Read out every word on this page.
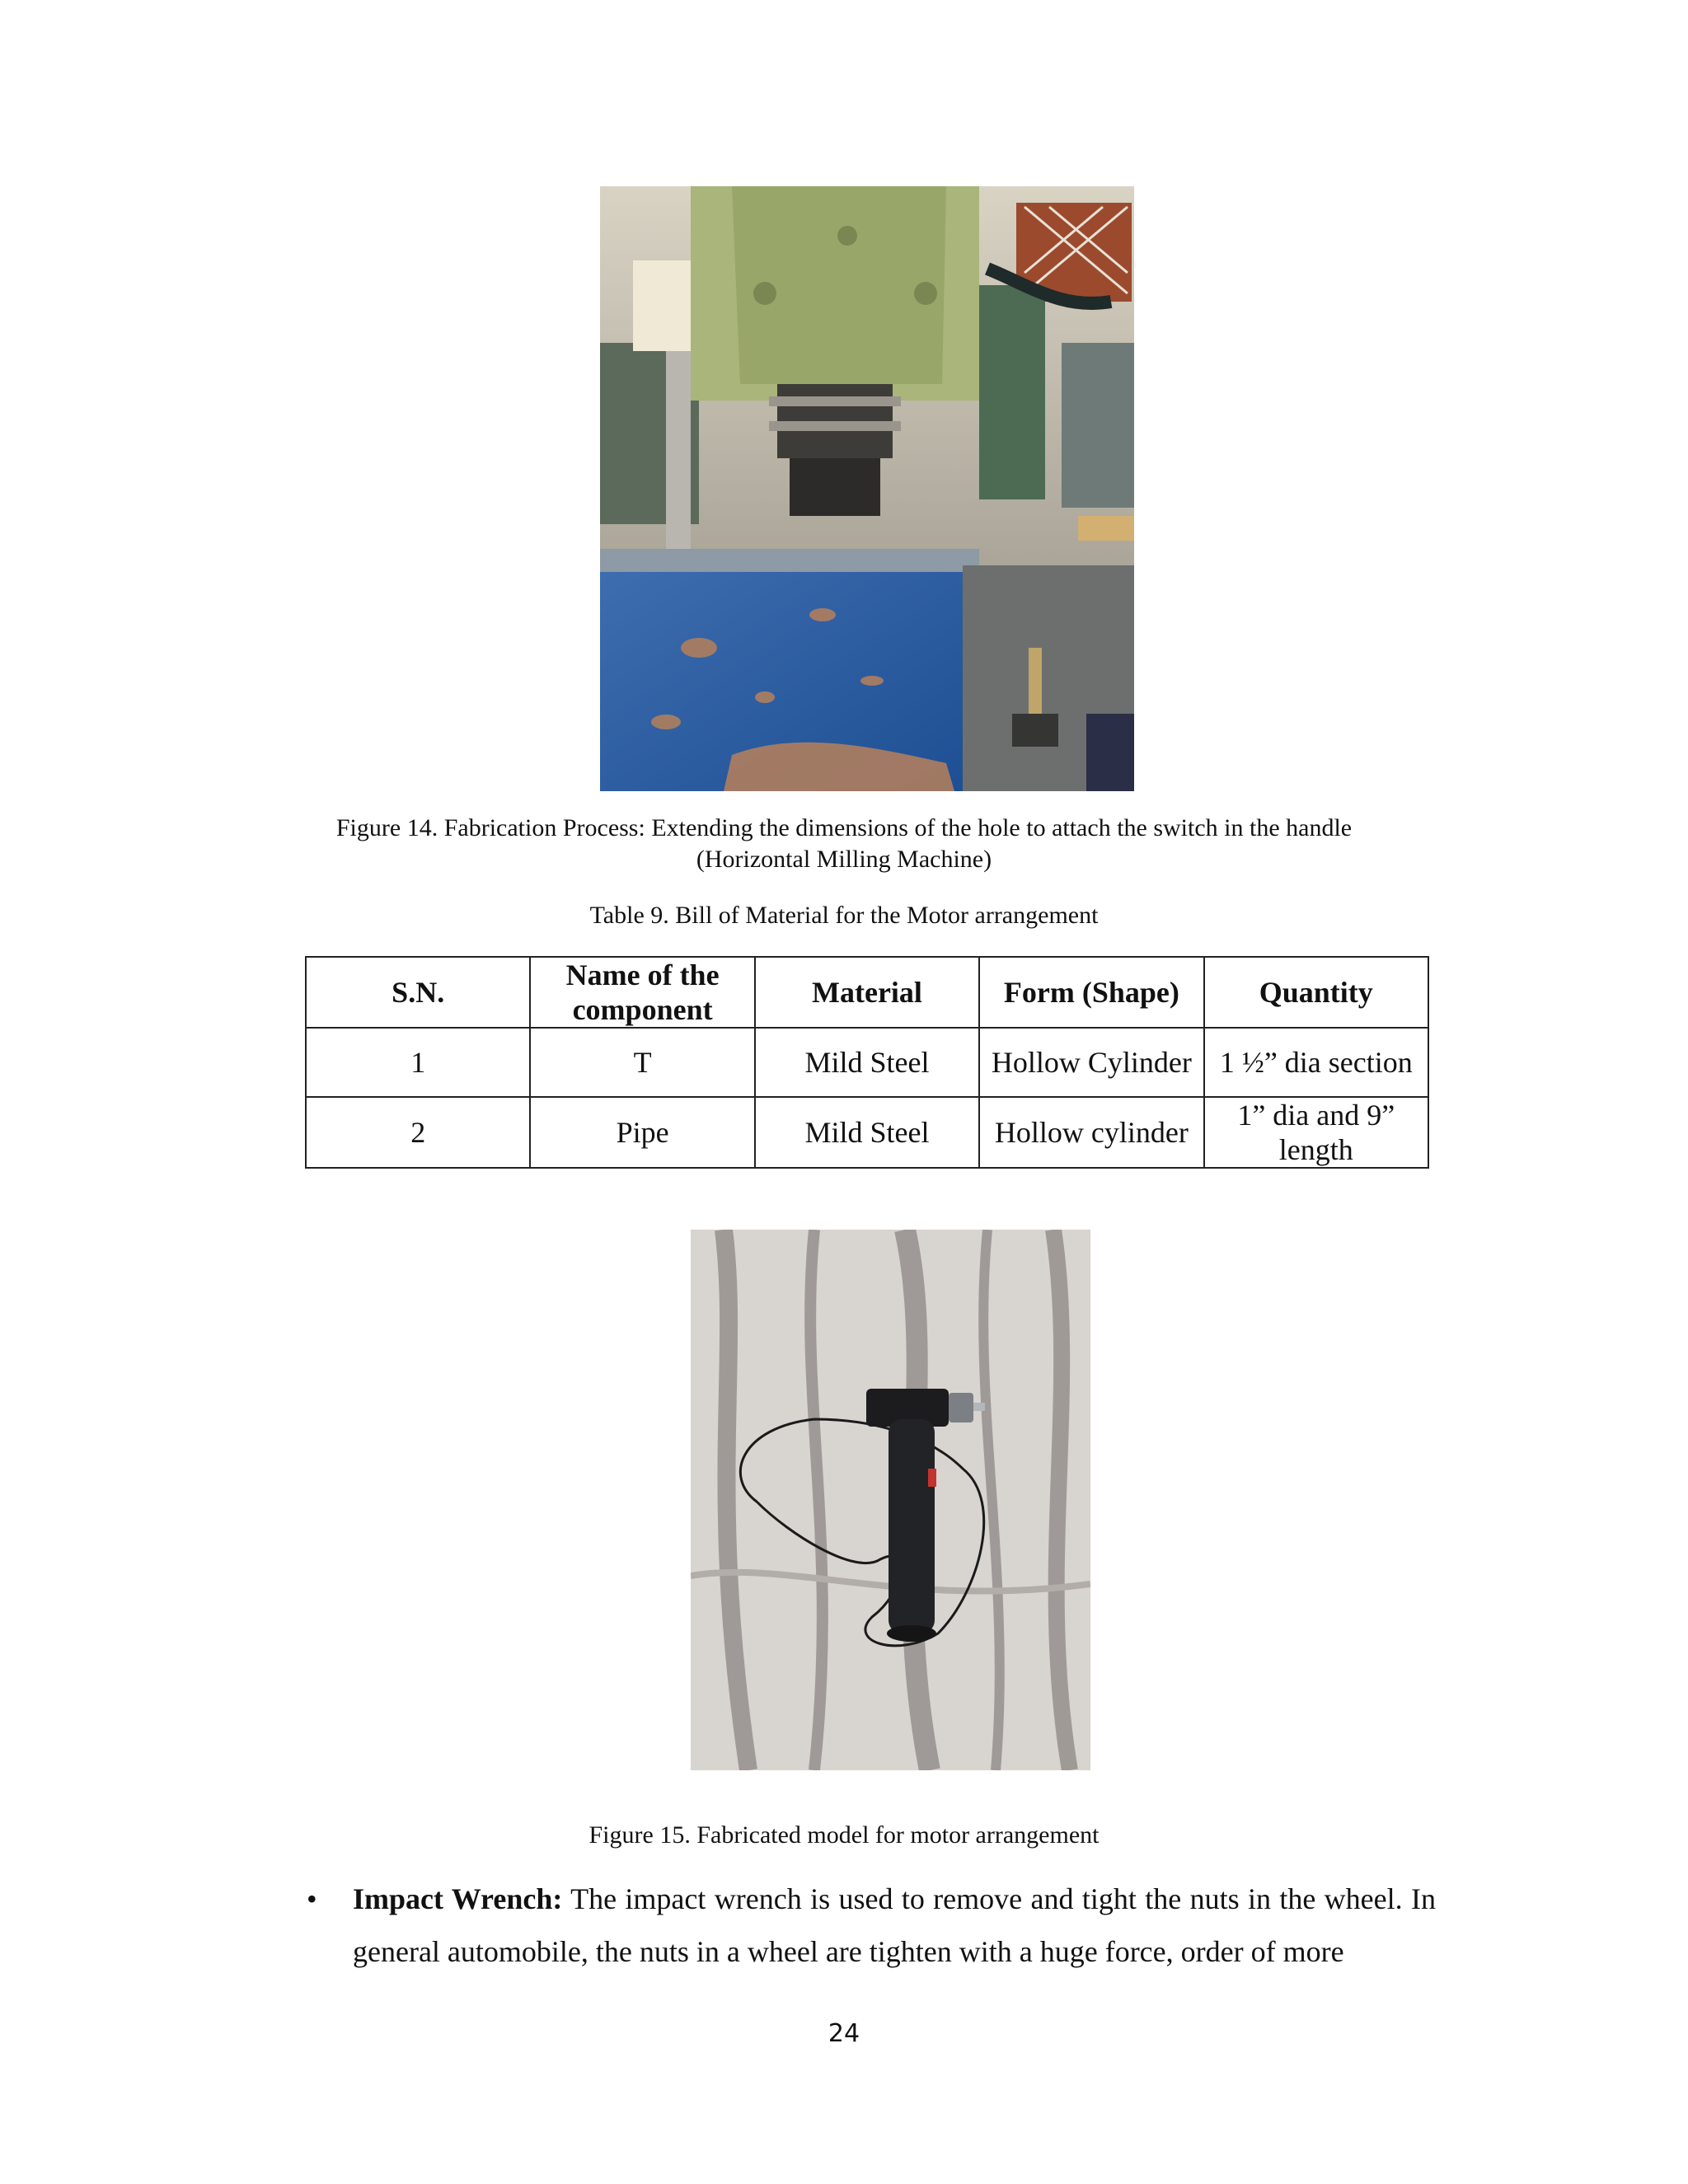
Figure 14. Fabrication Process: Extending the dimensions of the hole to attach the switch in the handle
(Horizontal Milling Machine)
Table 9. Bill of Material for the Motor arrangement
S.N.	Name of the component	Material	Form (Shape)	Quantity
1	T	Mild Steel	Hollow Cylinder	1 ½” dia section
2	Pipe	Mild Steel	Hollow cylinder	1” dia and 9” length
Figure 15. Fabricated model for motor arrangement
• Impact Wrench: The impact wrench is used to remove and tight the nuts in the wheel. In general automobile, the nuts in a wheel are tighten with a huge force, order of more
24
